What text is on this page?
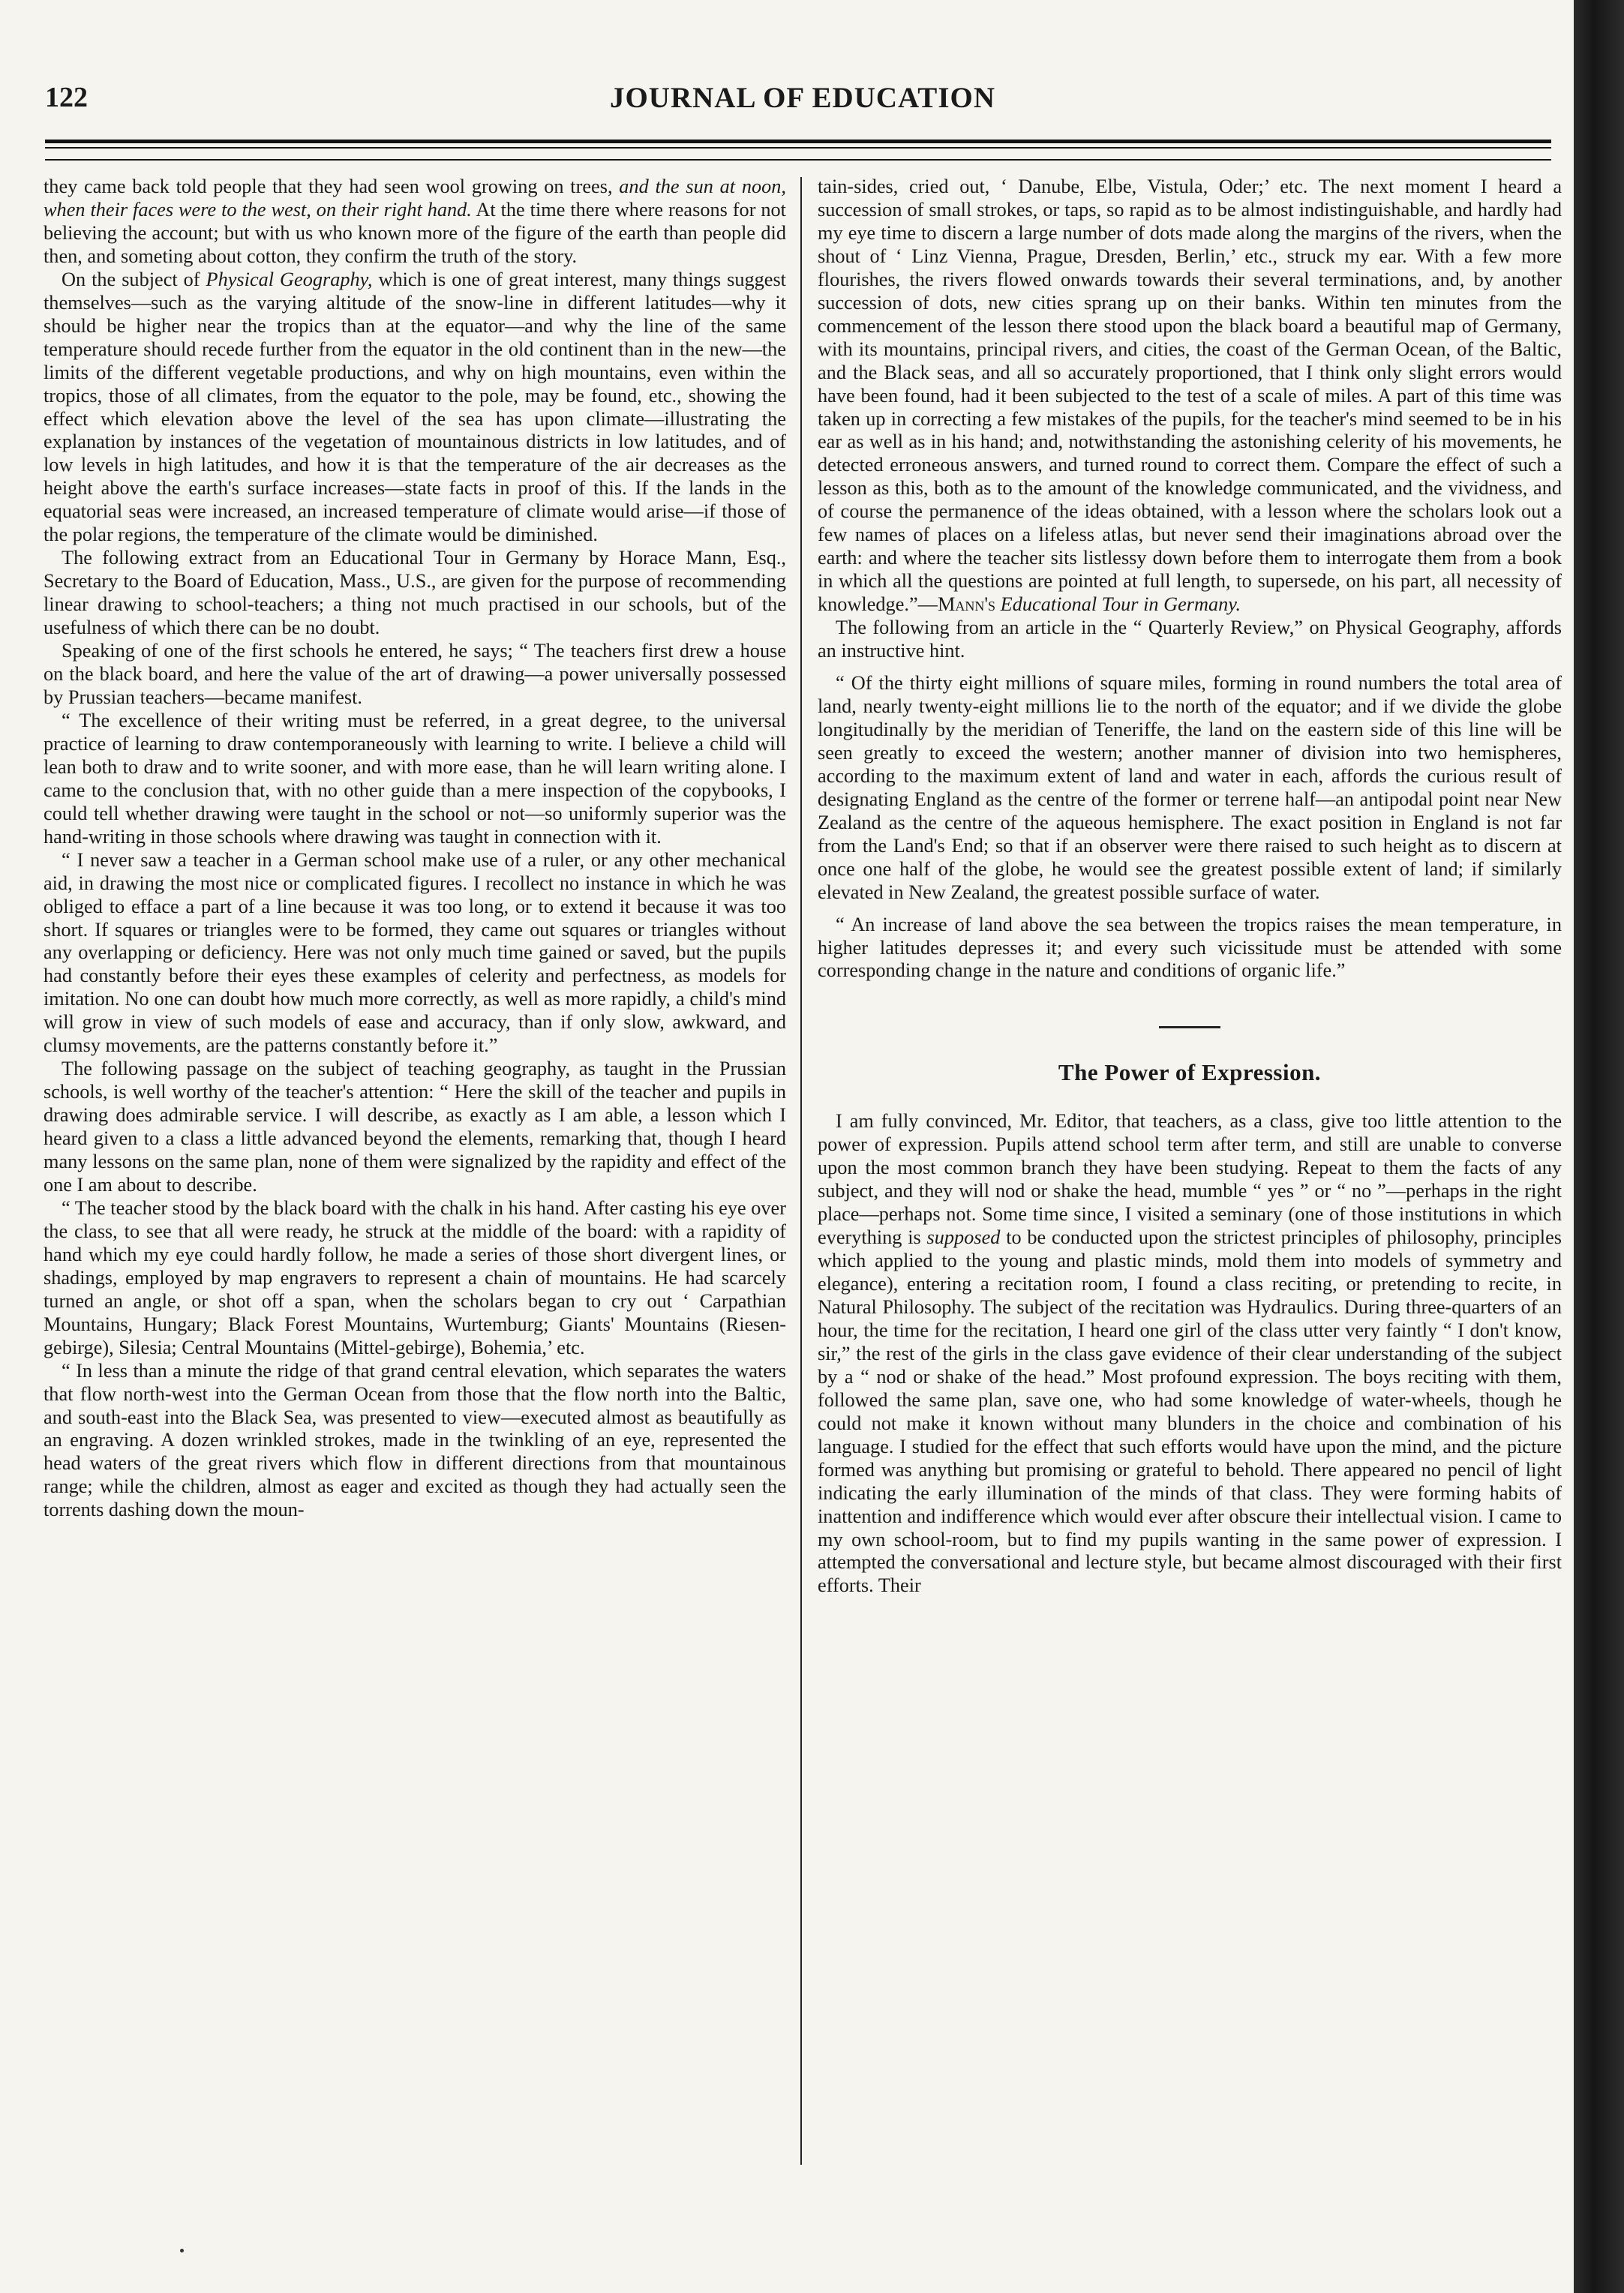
122	JOURNAL OF EDUCATION

they came back told people that they had seen wool growing on trees, and the sun at noon, when their faces were to the west, on their right hand. At the time there where reasons for not believing the account; but with us who known more of the figure of the earth than people did then, and someting about cotton, they confirm the truth of the story.

On the subject of Physical Geography, which is one of great interest, many things suggest themselves—such as the varying altitude of the snow-line in different latitudes—why it should be higher near the tropics than at the equator—and why the line of the same temperature should recede further from the equator in the old continent than in the new—the limits of the different vegetable productions, and why on high mountains, even within the tropics, those of all climates, from the equator to the pole, may be found, etc., showing the effect which elevation above the level of the sea has upon climate—illustrating the explanation by instances of the vegetation of mountainous districts in low latitudes, and of low levels in high latitudes, and how it is that the temperature of the air decreases as the height above the earth's surface increases—state facts in proof of this. If the lands in the equatorial seas were increased, an increased temperature of climate would arise—if those of the polar regions, the temperature of the climate would be diminished.

The following extract from an Educational Tour in Germany by Horace Mann, Esq., Secretary to the Board of Education, Mass., U.S., are given for the purpose of recommending linear drawing to school-teachers; a thing not much practised in our schools, but of the usefulness of which there can be no doubt.

Speaking of one of the first schools he entered, he says; “ The teachers first drew a house on the black board, and here the value of the art of drawing—a power universally possessed by Prussian teachers—became manifest.

“ The excellence of their writing must be referred, in a great degree, to the universal practice of learning to draw contemporaneously with learning to write. I believe a child will lean both to draw and to write sooner, and with more ease, than he will learn writing alone. I came to the conclusion that, with no other guide than a mere inspection of the copybooks, I could tell whether drawing were taught in the school or not—so uniformly superior was the hand-writing in those schools where drawing was taught in connection with it.

“ I never saw a teacher in a German school make use of a ruler, or any other mechanical aid, in drawing the most nice or complicated figures. I recollect no instance in which he was obliged to efface a part of a line because it was too long, or to extend it because it was too short. If squares or triangles were to be formed, they came out squares or triangles without any overlapping or deficiency. Here was not only much time gained or saved, but the pupils had constantly before their eyes these examples of celerity and perfectness, as models for imitation. No one can doubt how much more correctly, as well as more rapidly, a child's mind will grow in view of such models of ease and accuracy, than if only slow, awkward, and clumsy movements, are the patterns constantly before it.”

The following passage on the subject of teaching geography, as taught in the Prussian schools, is well worthy of the teacher's attention: “ Here the skill of the teacher and pupils in drawing does admirable service. I will describe, as exactly as I am able, a lesson which I heard given to a class a little advanced beyond the elements, remarking that, though I heard many lessons on the same plan, none of them were signalized by the rapidity and effect of the one I am about to describe.

“ The teacher stood by the black board with the chalk in his hand. After casting his eye over the class, to see that all were ready, he struck at the middle of the board: with a rapidity of hand which my eye could hardly follow, he made a series of those short divergent lines, or shadings, employed by map engravers to represent a chain of mountains. He had scarcely turned an angle, or shot off a span, when the scholars began to cry out ‘ Carpathian Mountains, Hungary; Black Forest Mountains, Wurtemburg; Giants' Mountains (Riesen-gebirge), Silesia; Central Mountains (Mittel-gebirge), Bohemia,’ etc.

“ In less than a minute the ridge of that grand central elevation, which separates the waters that flow north-west into the German Ocean from those that the flow north into the Baltic, and south-east into the Black Sea, was presented to view—executed almost as beautifully as an engraving. A dozen wrinkled strokes, made in the twinkling of an eye, represented the head waters of the great rivers which flow in different directions from that mountainous range; while the children, almost as eager and excited as though they had actually seen the torrents dashing down the moun-

tain-sides, cried out, ‘ Danube, Elbe, Vistula, Oder;’ etc. The next moment I heard a succession of small strokes, or taps, so rapid as to be almost indistinguishable, and hardly had my eye time to discern a large number of dots made along the margins of the rivers, when the shout of ‘ Linz Vienna, Prague, Dresden, Berlin,’ etc., struck my ear. With a few more flourishes, the rivers flowed onwards towards their several terminations, and, by another succession of dots, new cities sprang up on their banks. Within ten minutes from the commencement of the lesson there stood upon the black board a beautiful map of Germany, with its mountains, principal rivers, and cities, the coast of the German Ocean, of the Baltic, and the Black seas, and all so accurately proportioned, that I think only slight errors would have been found, had it been subjected to the test of a scale of miles. A part of this time was taken up in correcting a few mistakes of the pupils, for the teacher's mind seemed to be in his ear as well as in his hand; and, notwithstanding the astonishing celerity of his movements, he detected erroneous answers, and turned round to correct them. Compare the effect of such a lesson as this, both as to the amount of the knowledge communicated, and the vividness, and of course the permanence of the ideas obtained, with a lesson where the scholars look out a few names of places on a lifeless atlas, but never send their imaginations abroad over the earth: and where the teacher sits listlessy down before them to interrogate them from a book in which all the questions are pointed at full length, to supersede, on his part, all necessity of knowledge.”—Mann's Educational Tour in Germany.

The following from an article in the “ Quarterly Review,” on Physical Geography, affords an instructive hint.

“ Of the thirty eight millions of square miles, forming in round numbers the total area of land, nearly twenty-eight millions lie to the north of the equator; and if we divide the globe longitudinally by the meridian of Teneriffe, the land on the eastern side of this line will be seen greatly to exceed the western; another manner of division into two hemispheres, according to the maximum extent of land and water in each, affords the curious result of designating England as the centre of the former or terrene half—an antipodal point near New Zealand as the centre of the aqueous hemisphere. The exact position in England is not far from the Land's End; so that if an observer were there raised to such height as to discern at once one half of the globe, he would see the greatest possible extent of land; if similarly elevated in New Zealand, the greatest possible surface of water.

“ An increase of land above the sea between the tropics raises the mean temperature, in higher latitudes depresses it; and every such vicissitude must be attended with some corresponding change in the nature and conditions of organic life.”

The Power of Expression.

I am fully convinced, Mr. Editor, that teachers, as a class, give too little attention to the power of expression. Pupils attend school term after term, and still are unable to converse upon the most common branch they have been studying. Repeat to them the facts of any subject, and they will nod or shake the head, mumble “ yes ” or “ no ”—perhaps in the right place—perhaps not. Some time since, I visited a seminary (one of those institutions in which everything is supposed to be conducted upon the strictest principles of philosophy, principles which applied to the young and plastic minds, mold them into models of symmetry and elegance), entering a recitation room, I found a class reciting, or pretending to recite, in Natural Philosophy. The subject of the recitation was Hydraulics. During three-quarters of an hour, the time for the recitation, I heard one girl of the class utter very faintly “ I don't know, sir,” the rest of the girls in the class gave evidence of their clear understanding of the subject by a “ nod or shake of the head.” Most profound expression. The boys reciting with them, followed the same plan, save one, who had some knowledge of water-wheels, though he could not make it known without many blunders in the choice and combination of his language. I studied for the effect that such efforts would have upon the mind, and the picture formed was anything but promising or grateful to behold. There appeared no pencil of light indicating the early illumination of the minds of that class. They were forming habits of inattention and indifference which would ever after obscure their intellectual vision. I came to my own school-room, but to find my pupils wanting in the same power of expression. I attempted the conversational and lecture style, but became almost discouraged with their first efforts. Their
